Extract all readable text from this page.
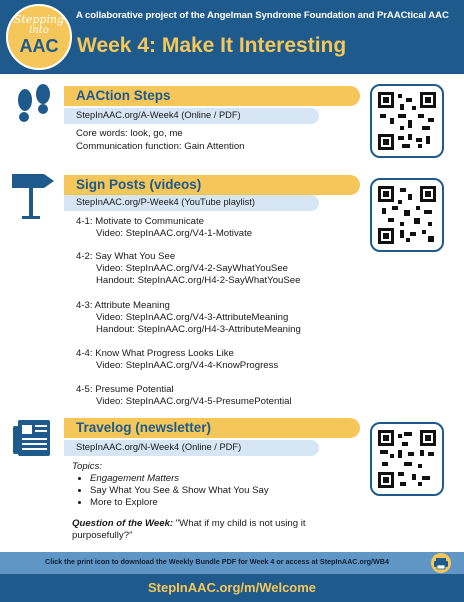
Stepping
into
AAC
A collaborative project of the Angelman Syndrome Foundation and PrAACtical AAC
Week 4: Make It Interesting
AACtion Steps
StepInAAC.org/A-Week4 (Online / PDF)
Core words: look, go, me
Communication function: Gain Attention
Sign Posts (videos)
StepInAAC.org/P-Week4 (YouTube playlist)
4-1: Motivate to Communicate
Video: StepInAAC.org/V4-1-Motivate
4-2: Say What You See
Video: StepInAAC.org/V4-2-SayWhatYouSee
Handout: StepInAAC.org/H4-2-SayWhatYouSee
4-3: Attribute Meaning
Video: StepInAAC.org/V4-3-AttributeMeaning
Handout: StepInAAC.org/H4-3-AttributeMeaning
4-4: Know What Progress Looks Like
Video: StepInAAC.org/V4-4-KnowProgress
4-5: Presume Potential
Video: StepInAAC.org/V4-5-PresumePotential
Travelog (newsletter)
StepInAAC.org/N-Week4 (Online / PDF)
Topics:
• Engagement Matters
• Say What You See & Show What You Say
• More to Explore
Question of the Week: "What if my child is not using it
purposefully?"
Click the print icon to download the Weekly Bundle PDF for Week 4 or access at StepInAAC.org/WB4
StepInAAC.org/m/Welcome
